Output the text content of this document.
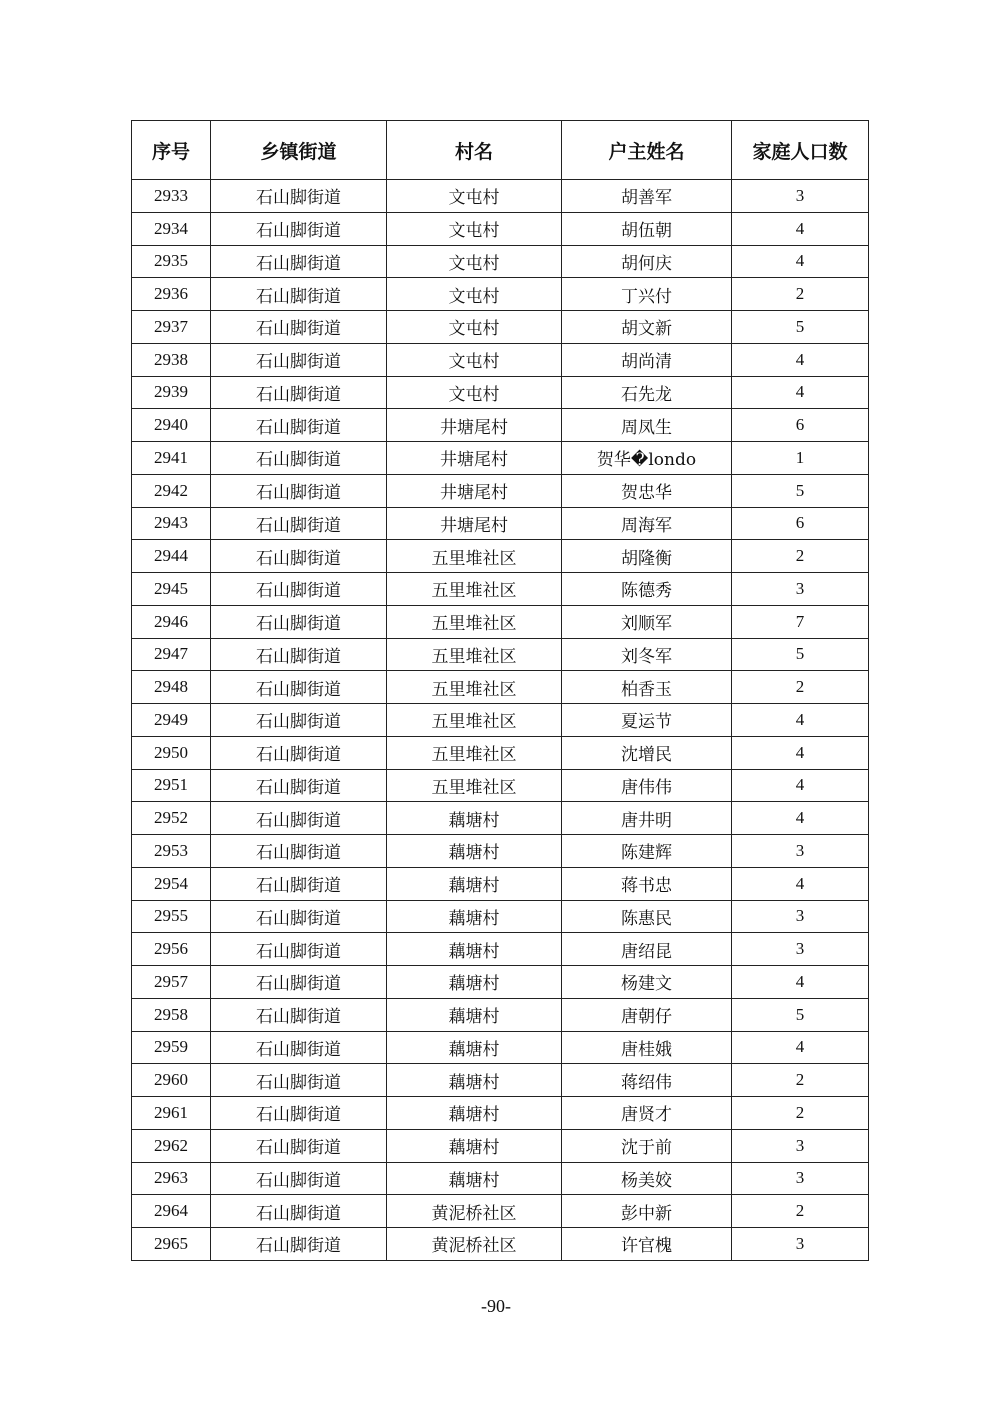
序号	乡镇街道	村名	户主姓名	家庭人口数
2933	石山脚街道	文屯村	胡善军	3
2934	石山脚街道	文屯村	胡伍朝	4
2935	石山脚街道	文屯村	胡何庆	4
2936	石山脚街道	文屯村	丁兴付	2
2937	石山脚街道	文屯村	胡文新	5
2938	石山脚街道	文屯村	胡尚清	4
2939	石山脚街道	文屯村	石先龙	4
2940	石山脚街道	井塘尾村	周凤生	6
2941	石山脚街道	井塘尾村	贺华�londo	1
2942	石山脚街道	井塘尾村	贺忠华	5
2943	石山脚街道	井塘尾村	周海军	6
2944	石山脚街道	五里堆社区	胡隆衡	2
2945	石山脚街道	五里堆社区	陈德秀	3
2946	石山脚街道	五里堆社区	刘顺军	7
2947	石山脚街道	五里堆社区	刘冬军	5
2948	石山脚街道	五里堆社区	柏香玉	2
2949	石山脚街道	五里堆社区	夏运节	4
2950	石山脚街道	五里堆社区	沈增民	4
2951	石山脚街道	五里堆社区	唐伟伟	4
2952	石山脚街道	藕塘村	唐井明	4
2953	石山脚街道	藕塘村	陈建辉	3
2954	石山脚街道	藕塘村	蒋书忠	4
2955	石山脚街道	藕塘村	陈惠民	3
2956	石山脚街道	藕塘村	唐绍昆	3
2957	石山脚街道	藕塘村	杨建文	4
2958	石山脚街道	藕塘村	唐朝仔	5
2959	石山脚街道	藕塘村	唐桂娥	4
2960	石山脚街道	藕塘村	蒋绍伟	2
2961	石山脚街道	藕塘村	唐贤才	2
2962	石山脚街道	藕塘村	沈于前	3
2963	石山脚街道	藕塘村	杨美姣	3
2964	石山脚街道	黄泥桥社区	彭中新	2
2965	石山脚街道	黄泥桥社区	许官槐	3
-90-
